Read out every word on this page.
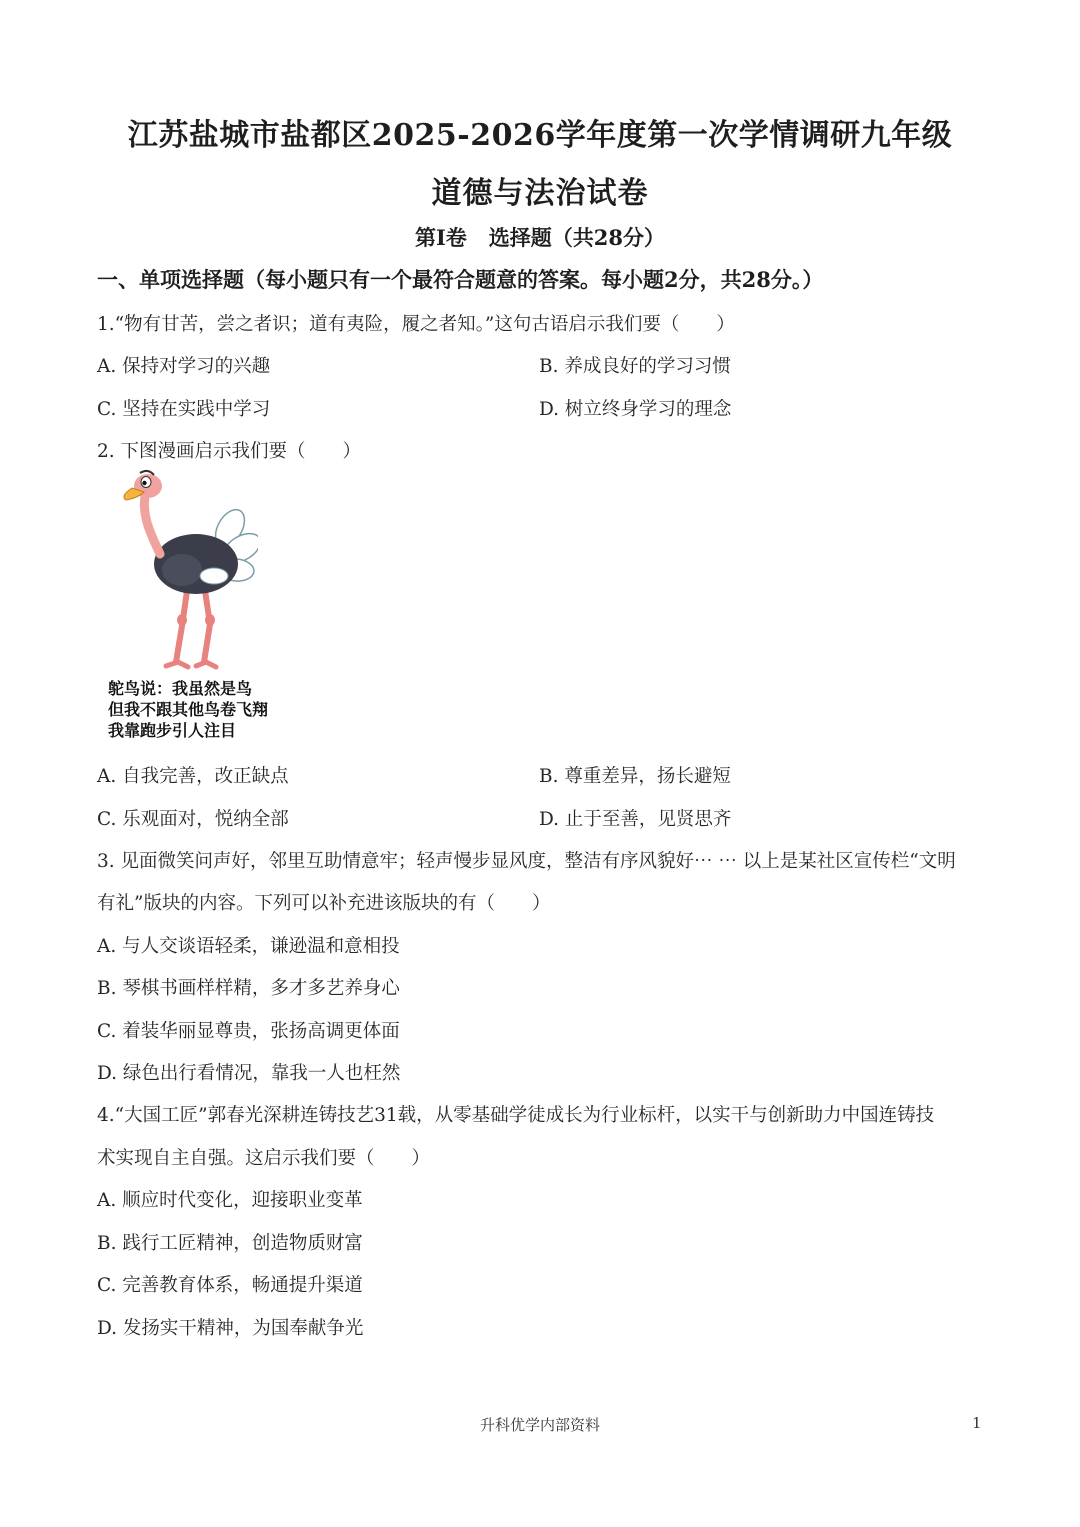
江苏盐城市盐都区2025-2026学年度第一次学情调研九年级
道德与法治试卷
第Ⅰ卷 选择题（共28分）
一、单项选择题（每小题只有一个最符合题意的答案。每小题2分，共28分。）
1.“物有甘苦，尝之者识；道有夷险，履之者知。”这句古语启示我们要（　　）
A. 保持对学习的兴趣	B. 养成良好的学习习惯
C. 坚持在实践中学习	D. 树立终身学习的理念
2. 下图漫画启示我们要（　　）
鸵鸟说：我虽然是鸟
但我不跟其他鸟卷飞翔
我靠跑步引人注目
A. 自我完善，改正缺点	B. 尊重差异，扬长避短
C. 乐观面对，悦纳全部	D. 止于至善，见贤思齐
3. 见面微笑问声好，邻里互助情意牢；轻声慢步显风度，整洁有序风貌好⋯ ⋯ 以上是某社区宣传栏“文明
有礼”版块的内容。下列可以补充进该版块的有（　　）
A. 与人交谈语轻柔，谦逊温和意相投
B. 琴棋书画样样精，多才多艺养身心
C. 着装华丽显尊贵，张扬高调更体面
D. 绿色出行看情况，靠我一人也枉然
4.“大国工匠”郭春光深耕连铸技艺31载，从零基础学徒成长为行业标杆，以实干与创新助力中国连铸技
术实现自主自强。这启示我们要（　　）
A. 顺应时代变化，迎接职业变革
B. 践行工匠精神，创造物质财富
C. 完善教育体系，畅通提升渠道
D. 发扬实干精神，为国奉献争光
升科优学内部资料	1
